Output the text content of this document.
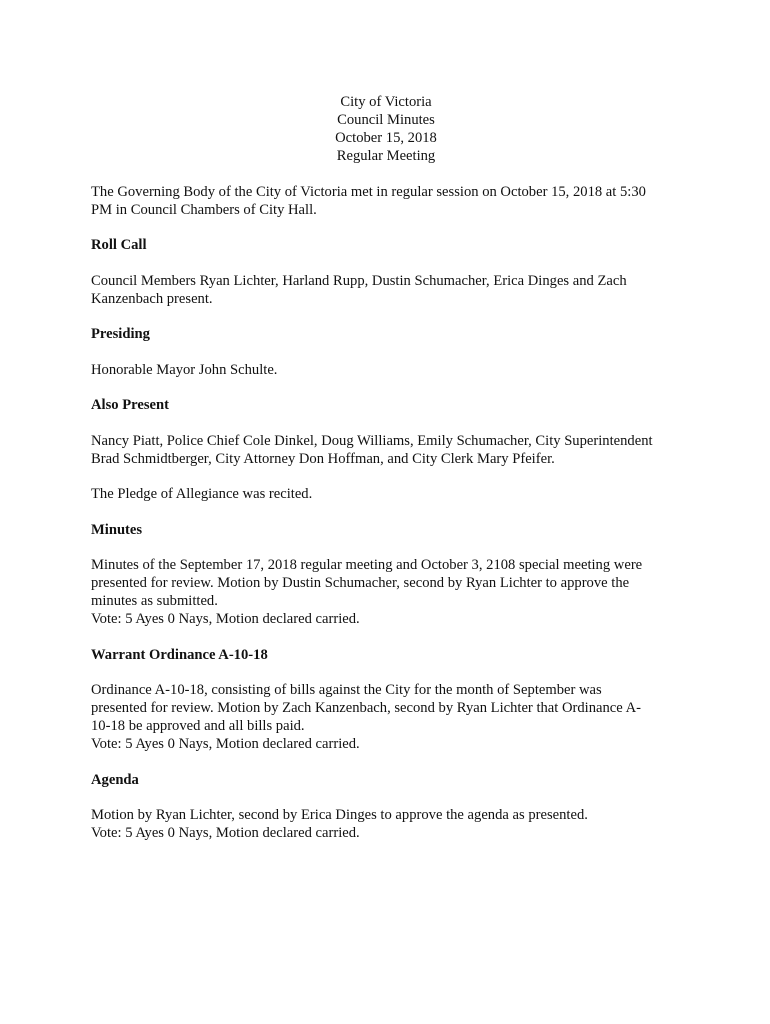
City of Victoria
Council Minutes
October 15, 2018
Regular Meeting
The Governing Body of the City of Victoria met in regular session on October 15, 2018 at 5:30
PM in Council Chambers of City Hall.
Roll Call
Council Members Ryan Lichter, Harland Rupp, Dustin Schumacher, Erica Dinges and Zach
Kanzenbach present.
Presiding
Honorable Mayor John Schulte.
Also Present
Nancy Piatt, Police Chief Cole Dinkel, Doug Williams, Emily Schumacher, City Superintendent
Brad Schmidtberger, City Attorney Don Hoffman, and City Clerk Mary Pfeifer.
The Pledge of Allegiance was recited.
Minutes
Minutes of the September 17, 2018 regular meeting and October 3, 2108 special meeting were
presented for review. Motion by Dustin Schumacher, second by Ryan Lichter to approve the
minutes as submitted.
Vote: 5 Ayes 0 Nays, Motion declared carried.
Warrant Ordinance A-10-18
Ordinance A-10-18, consisting of bills against the City for the month of September was
presented for review. Motion by Zach Kanzenbach, second by Ryan Lichter that Ordinance A-
10-18 be approved and all bills paid.
Vote: 5 Ayes 0 Nays, Motion declared carried.
Agenda
Motion by Ryan Lichter, second by Erica Dinges to approve the agenda as presented.
Vote: 5 Ayes 0 Nays, Motion declared carried.
